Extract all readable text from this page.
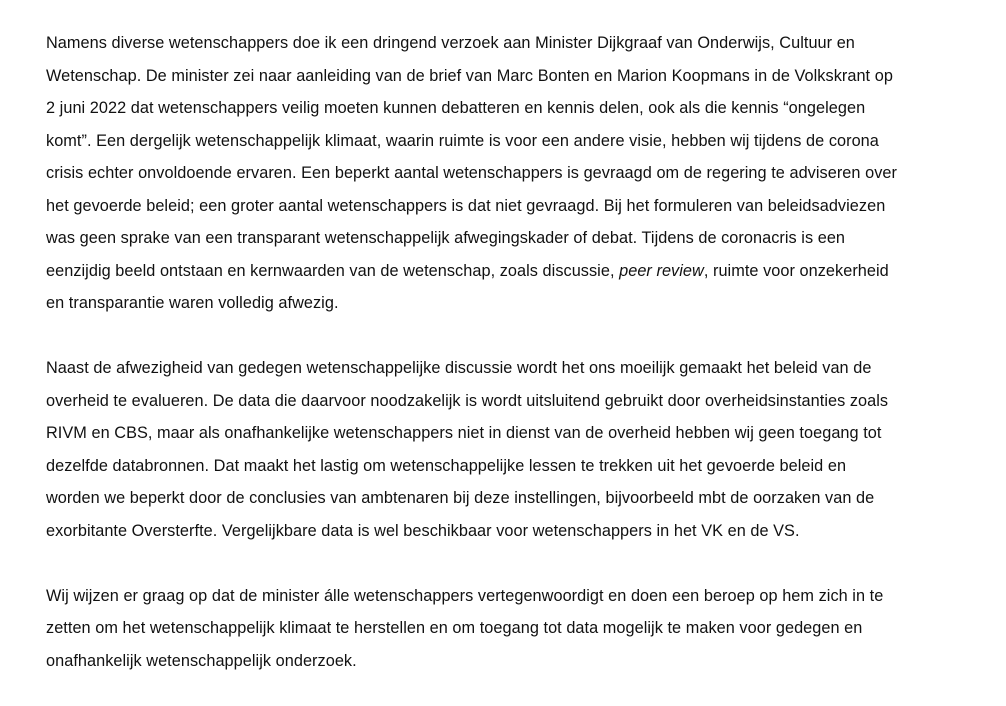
Namens diverse wetenschappers doe ik een dringend verzoek aan Minister Dijkgraaf van Onderwijs, Cultuur en
Wetenschap. De minister zei naar aanleiding van de brief van Marc Bonten en Marion Koopmans in de Volkskrant op
2 juni 2022 dat wetenschappers veilig moeten kunnen debatteren en kennis delen, ook als die kennis “ongelegen
komt”. Een dergelijk wetenschappelijk klimaat, waarin ruimte is voor een andere visie, hebben wij tijdens de corona
crisis echter onvoldoende ervaren. Een beperkt aantal wetenschappers is gevraagd om de regering te adviseren over
het gevoerde beleid; een groter aantal wetenschappers is dat niet gevraagd. Bij het formuleren van beleidsadviezen
was geen sprake van een transparant wetenschappelijk afwegingskader of debat. Tijdens de coronacris is een
eenzijdig beeld ontstaan en kernwaarden van de wetenschap, zoals discussie, peer review, ruimte voor onzekerheid
en transparantie waren volledig afwezig.

Naast de afwezigheid van gedegen wetenschappelijke discussie wordt het ons moeilijk gemaakt het beleid van de
overheid te evalueren. De data die daarvoor noodzakelijk is wordt uitsluitend gebruikt door overheidsinstanties zoals
RIVM en CBS, maar als onafhankelijke wetenschappers niet in dienst van de overheid hebben wij geen toegang tot
dezelfde databronnen. Dat maakt het lastig om wetenschappelijke lessen te trekken uit het gevoerde beleid en
worden we beperkt door de conclusies van ambtenaren bij deze instellingen, bijvoorbeeld mbt de oorzaken van de
exorbitante Oversterfte. Vergelijkbare data is wel beschikbaar voor wetenschappers in het VK en de VS.

Wij wijzen er graag op dat de minister álle wetenschappers vertegenwoordigt en doen een beroep op hem zich in te
zetten om het wetenschappelijk klimaat te herstellen en om toegang tot data mogelijk te maken voor gedegen en
onafhankelijk wetenschappelijk onderzoek.
